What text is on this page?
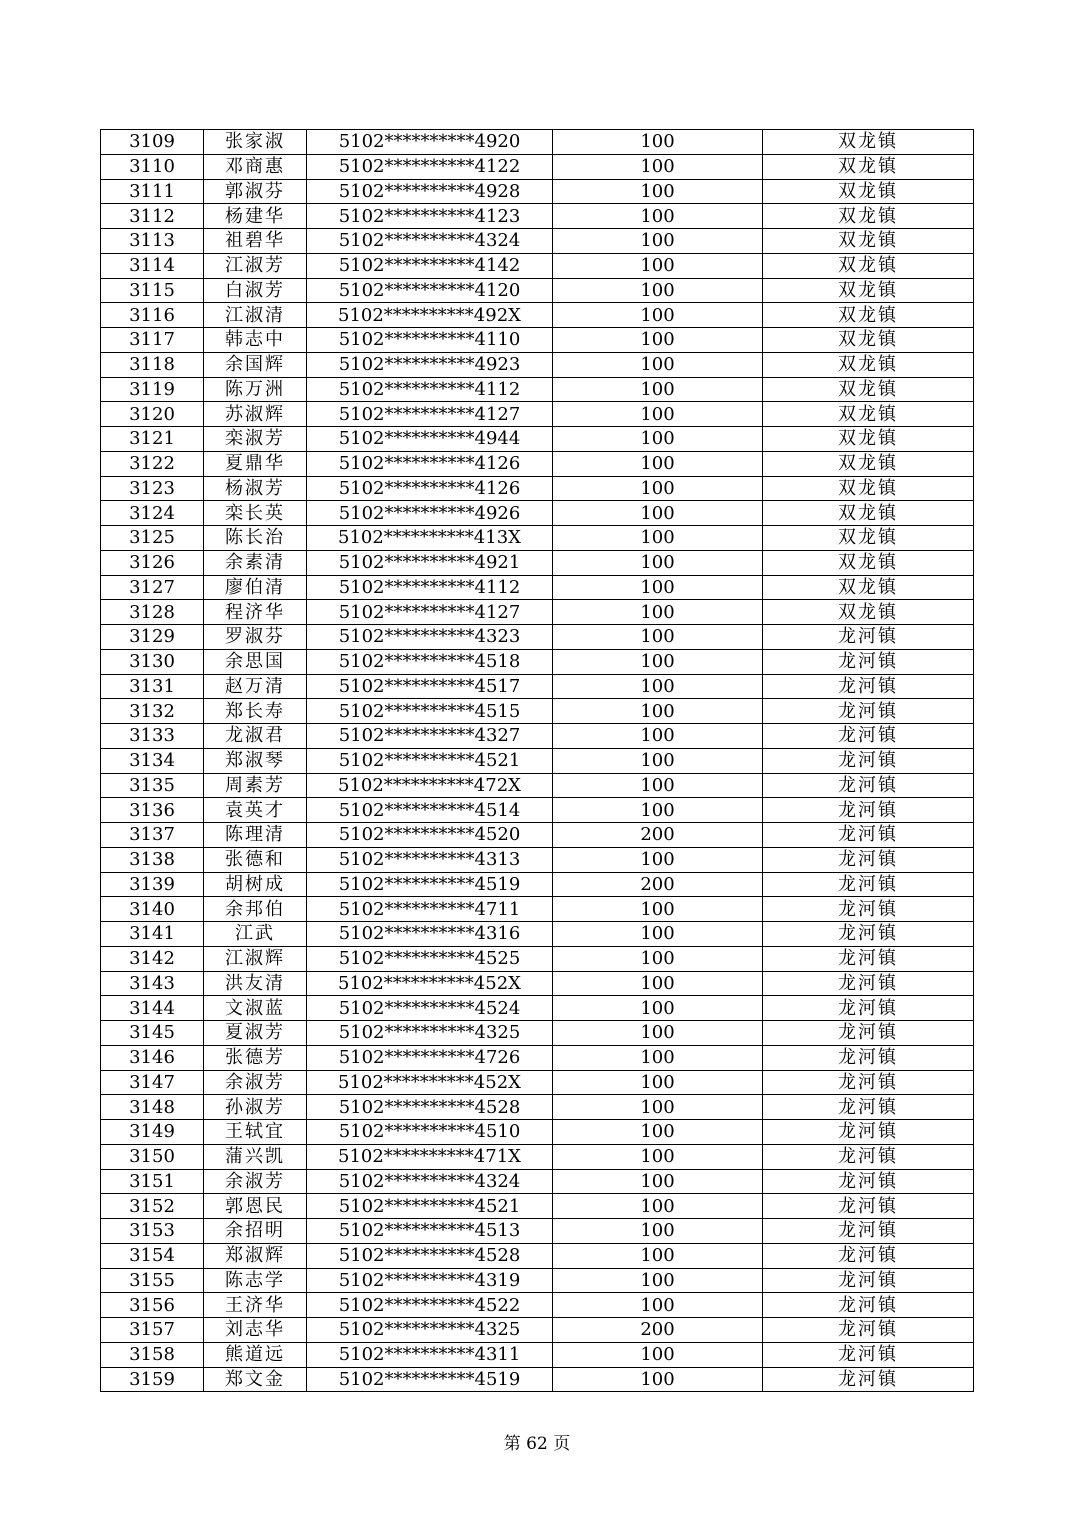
3109	张家淑	5102**********4920	100	双龙镇
3110	邓商惠	5102**********4122	100	双龙镇
3111	郭淑芬	5102**********4928	100	双龙镇
3112	杨建华	5102**********4123	100	双龙镇
3113	祖碧华	5102**********4324	100	双龙镇
3114	江淑芳	5102**********4142	100	双龙镇
3115	白淑芳	5102**********4120	100	双龙镇
3116	江淑清	5102**********492X	100	双龙镇
3117	韩志中	5102**********4110	100	双龙镇
3118	余国辉	5102**********4923	100	双龙镇
3119	陈万洲	5102**********4112	100	双龙镇
3120	苏淑辉	5102**********4127	100	双龙镇
3121	栾淑芳	5102**********4944	100	双龙镇
3122	夏鼎华	5102**********4126	100	双龙镇
3123	杨淑芳	5102**********4126	100	双龙镇
3124	栾长英	5102**********4926	100	双龙镇
3125	陈长治	5102**********413X	100	双龙镇
3126	余素清	5102**********4921	100	双龙镇
3127	廖伯清	5102**********4112	100	双龙镇
3128	程济华	5102**********4127	100	双龙镇
3129	罗淑芬	5102**********4323	100	龙河镇
3130	余思国	5102**********4518	100	龙河镇
3131	赵万清	5102**********4517	100	龙河镇
3132	郑长寿	5102**********4515	100	龙河镇
3133	龙淑君	5102**********4327	100	龙河镇
3134	郑淑琴	5102**********4521	100	龙河镇
3135	周素芳	5102**********472X	100	龙河镇
3136	袁英才	5102**********4514	100	龙河镇
3137	陈理清	5102**********4520	200	龙河镇
3138	张德和	5102**********4313	100	龙河镇
3139	胡树成	5102**********4519	200	龙河镇
3140	余邦伯	5102**********4711	100	龙河镇
3141	江武	5102**********4316	100	龙河镇
3142	江淑辉	5102**********4525	100	龙河镇
3143	洪友清	5102**********452X	100	龙河镇
3144	文淑蓝	5102**********4524	100	龙河镇
3145	夏淑芳	5102**********4325	100	龙河镇
3146	张德芳	5102**********4726	100	龙河镇
3147	余淑芳	5102**********452X	100	龙河镇
3148	孙淑芳	5102**********4528	100	龙河镇
3149	王轼宜	5102**********4510	100	龙河镇
3150	蒲兴凯	5102**********471X	100	龙河镇
3151	余淑芳	5102**********4324	100	龙河镇
3152	郭恩民	5102**********4521	100	龙河镇
3153	余招明	5102**********4513	100	龙河镇
3154	郑淑辉	5102**********4528	100	龙河镇
3155	陈志学	5102**********4319	100	龙河镇
3156	王济华	5102**********4522	100	龙河镇
3157	刘志华	5102**********4325	200	龙河镇
3158	熊道远	5102**********4311	100	龙河镇
3159	郑文金	5102**********4519	100	龙河镇
第 62 页
